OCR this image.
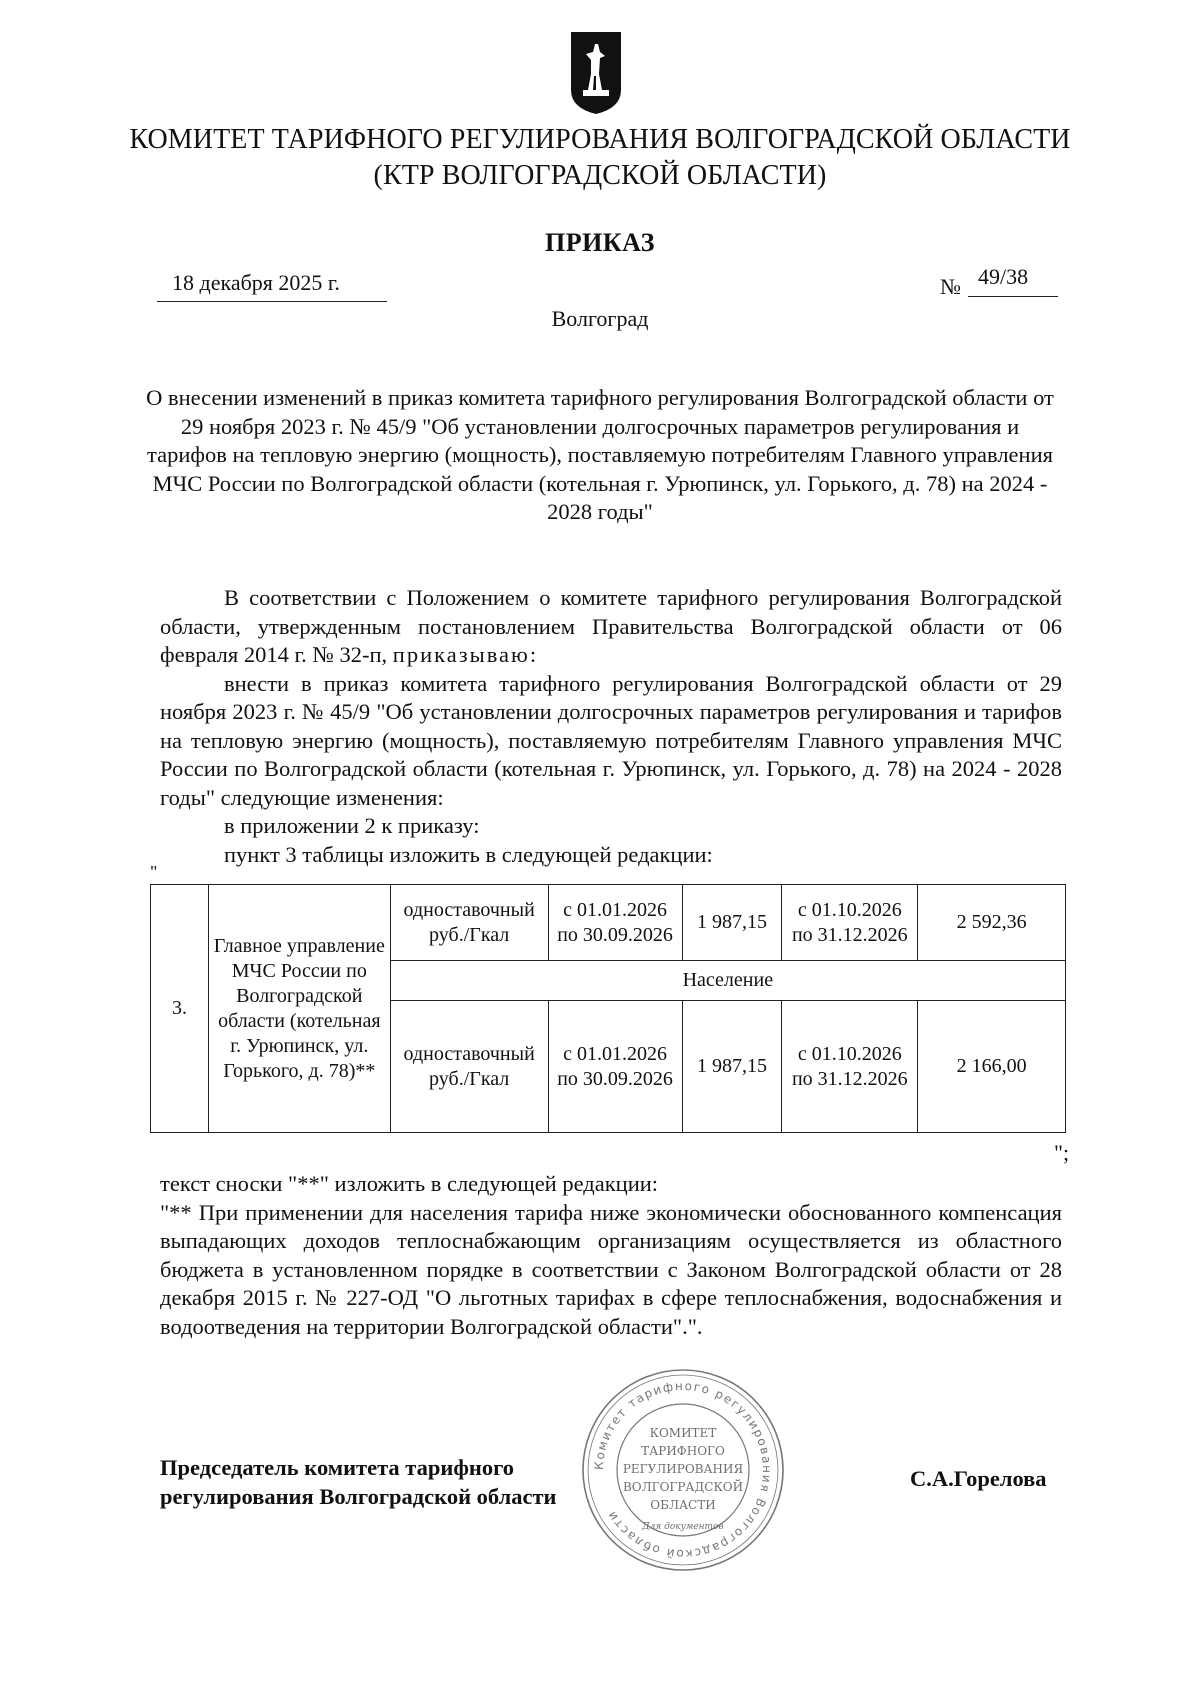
КОМИТЕТ ТАРИФНОГО РЕГУЛИРОВАНИЯ ВОЛГОГРАДСКОЙ ОБЛАСТИ
(КТР ВОЛГОГРАДСКОЙ ОБЛАСТИ)
ПРИКАЗ
18 декабря 2025 г.	№ 49/38
Волгоград
О внесении изменений в приказ комитета тарифного регулирования Волгоградской области от 29 ноября 2023 г. № 45/9 "Об установлении долгосрочных параметров регулирования и тарифов на тепловую энергию (мощность), поставляемую потребителям Главного управления МЧС России по Волгоградской области (котельная г. Урюпинск, ул. Горького, д. 78) на 2024 - 2028 годы"

В соответствии с Положением о комитете тарифного регулирования Волгоградской области, утвержденным постановлением Правительства Волгоградской области от 06 февраля 2014 г. № 32-п, приказываю:

внести в приказ комитета тарифного регулирования Волгоградской области от 29 ноября 2023 г. № 45/9 "Об установлении долгосрочных параметров регулирования и тарифов на тепловую энергию (мощность), поставляемую потребителям Главного управления МЧС России по Волгоградской области (котельная г. Урюпинск, ул. Горького, д. 78) на 2024 - 2028 годы" следующие изменения:

в приложении 2 к приказу:

пункт 3 таблицы изложить в следующей редакции:

"
3.	Главное управление МЧС России по Волгоградской области (котельная г. Урюпинск, ул. Горького, д. 78)**	одноставочный руб./Гкал	с 01.01.2026 по 30.09.2026	1 987,15	с 01.10.2026 по 31.12.2026	2 592,36
		Население				
		одноставочный руб./Гкал	с 01.01.2026 по 30.09.2026	1 987,15	с 01.10.2026 по 31.12.2026	2 166,00
";

текст сноски "**" изложить в следующей редакции:

"** При применении для населения тарифа ниже экономически обоснованного компенсация выпадающих доходов теплоснабжающим организациям осуществляется из областного бюджета в установленном порядке в соответствии с Законом Волгоградской области от 28 декабря 2015 г. № 227-ОД "О льготных тарифах в сфере теплоснабжения, водоснабжения и водоотведения на территории Волгоградской области".".

Комитет тарифного регулирования Волгоградской области
КОМИТЕТ
ТАРИФНОГО
РЕГУЛИРОВАНИЯ
ВОЛГОГРАДСКОЙ
ОБЛАСТИ
Для документов
Председатель комитета тарифного
регулирования Волгоградской области
С.А.Горелова
